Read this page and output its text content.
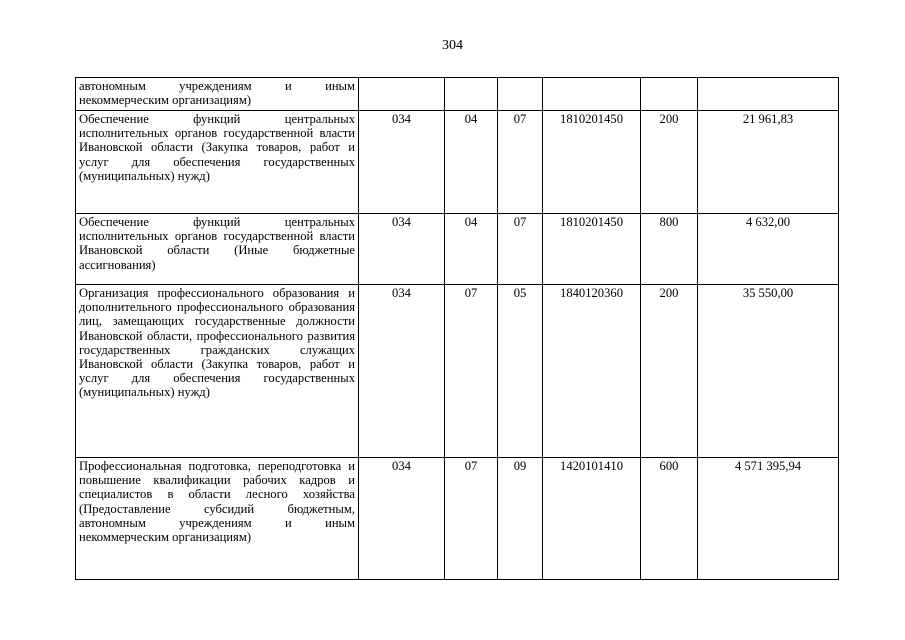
304
автономным учреждениям и иным некоммерческим организациям)						
Обеспечение функций центральных исполнительных органов государственной власти Ивановской области (Закупка товаров, работ и услуг для обеспечения государственных (муниципальных) нужд)	034	04	07	1810201450	200	21 961,83
Обеспечение функций центральных исполнительных органов государственной власти Ивановской области (Иные бюджетные ассигнования)	034	04	07	1810201450	800	4 632,00
Организация профессионального образования и дополнительного профессионального образования лиц, замещающих государственные должности Ивановской области, профессионального развития государственных гражданских служащих Ивановской области (Закупка товаров, работ и услуг для обеспечения государственных (муниципальных) нужд)	034	07	05	1840120360	200	35 550,00
Профессиональная подготовка, переподготовка и повышение квалификации рабочих кадров и специалистов в области лесного хозяйства (Предоставление субсидий бюджетным, автономным учреждениям и иным некоммерческим организациям)	034	07	09	1420101410	600	4 571 395,94
